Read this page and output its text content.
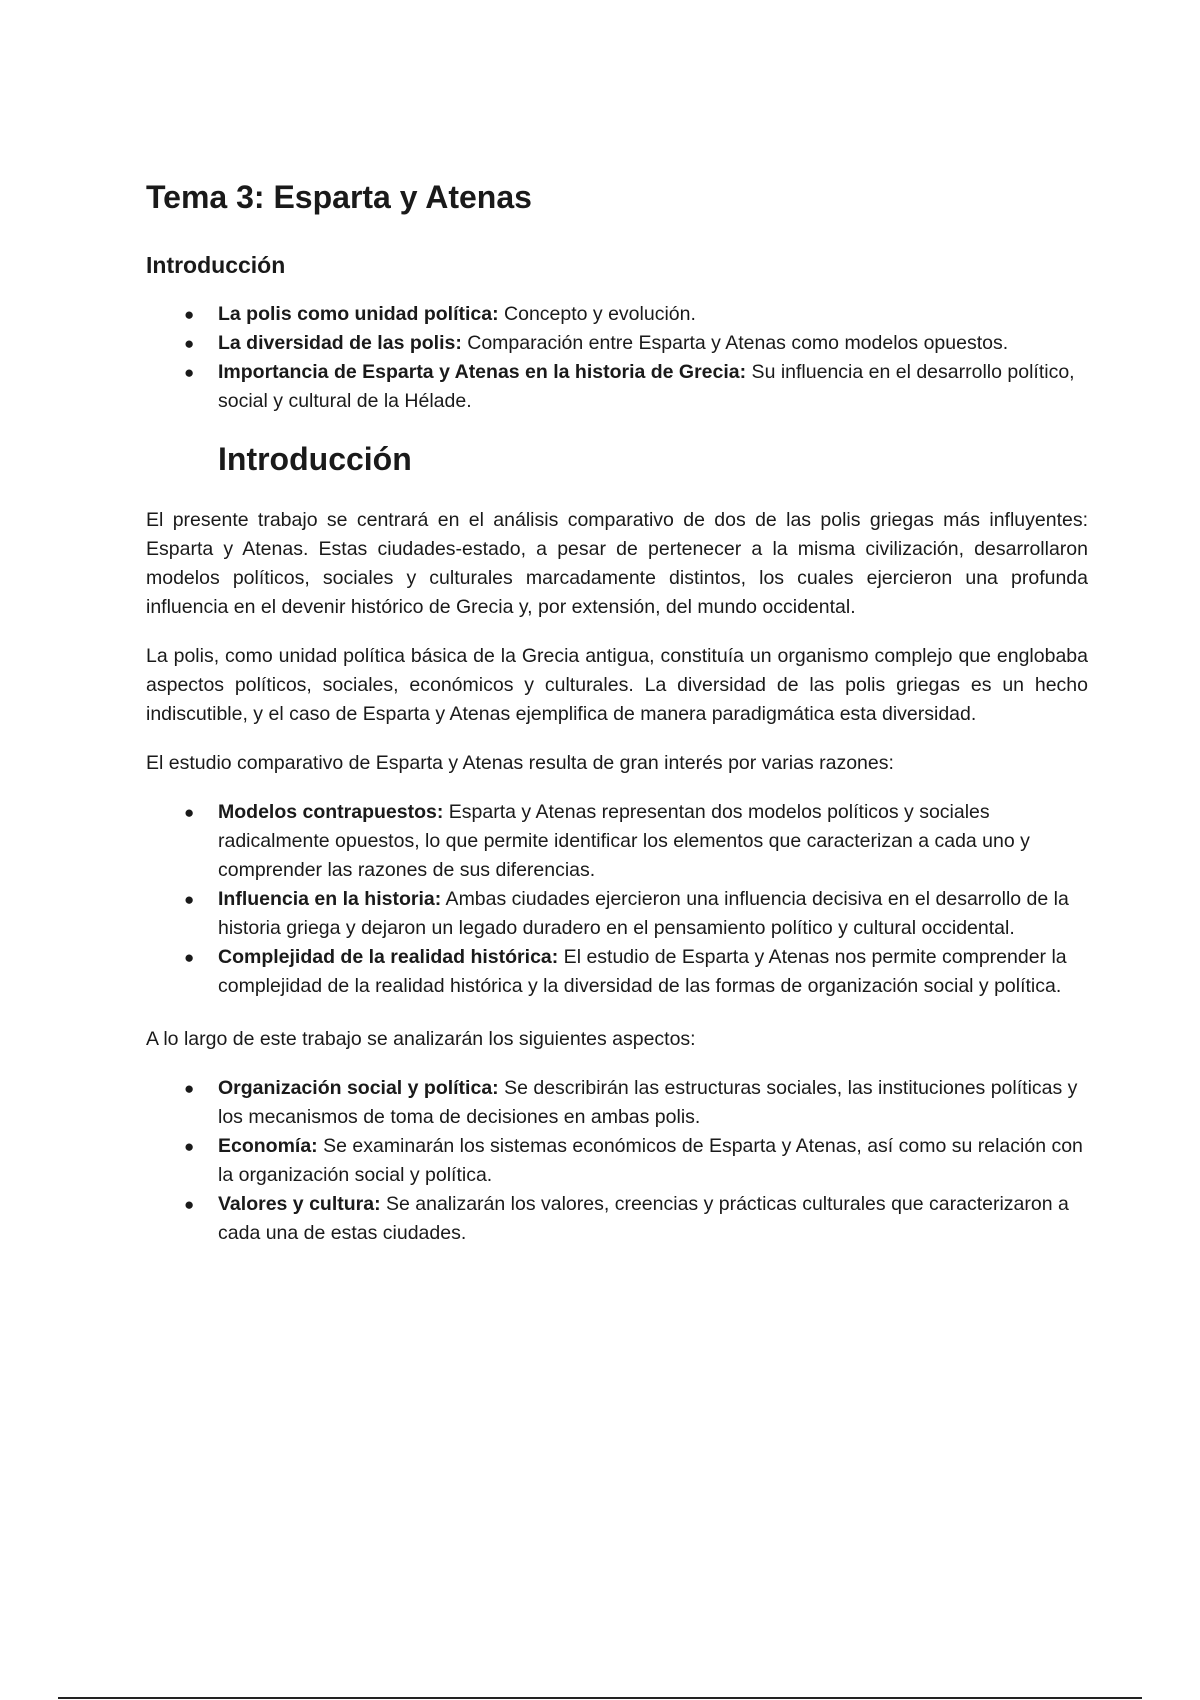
Tema 3: Esparta y Atenas
Introducción
● La polis como unidad política: Concepto y evolución.
● La diversidad de las polis: Comparación entre Esparta y Atenas como modelos opuestos.
● Importancia de Esparta y Atenas en la historia de Grecia: Su influencia en el desarrollo político, social y cultural de la Hélade.
Introducción

El presente trabajo se centrará en el análisis comparativo de dos de las polis griegas más influyentes: Esparta y Atenas. Estas ciudades-estado, a pesar de pertenecer a la misma civilización, desarrollaron modelos políticos, sociales y culturales marcadamente distintos, los cuales ejercieron una profunda influencia en el devenir histórico de Grecia y, por extensión, del mundo occidental.

La polis, como unidad política básica de la Grecia antigua, constituía un organismo complejo que englobaba aspectos políticos, sociales, económicos y culturales. La diversidad de las polis griegas es un hecho indiscutible, y el caso de Esparta y Atenas ejemplifica de manera paradigmática esta diversidad.

El estudio comparativo de Esparta y Atenas resulta de gran interés por varias razones:

● Modelos contrapuestos: Esparta y Atenas representan dos modelos políticos y sociales radicalmente opuestos, lo que permite identificar los elementos que caracterizan a cada uno y comprender las razones de sus diferencias.
● Influencia en la historia: Ambas ciudades ejercieron una influencia decisiva en el desarrollo de la historia griega y dejaron un legado duradero en el pensamiento político y cultural occidental.
● Complejidad de la realidad histórica: El estudio de Esparta y Atenas nos permite comprender la complejidad de la realidad histórica y la diversidad de las formas de organización social y política.

A lo largo de este trabajo se analizarán los siguientes aspectos:

● Organización social y política: Se describirán las estructuras sociales, las instituciones políticas y los mecanismos de toma de decisiones en ambas polis.
● Economía: Se examinarán los sistemas económicos de Esparta y Atenas, así como su relación con la organización social y política.
● Valores y cultura: Se analizarán los valores, creencias y prácticas culturales que caracterizaron a cada una de estas ciudades.
